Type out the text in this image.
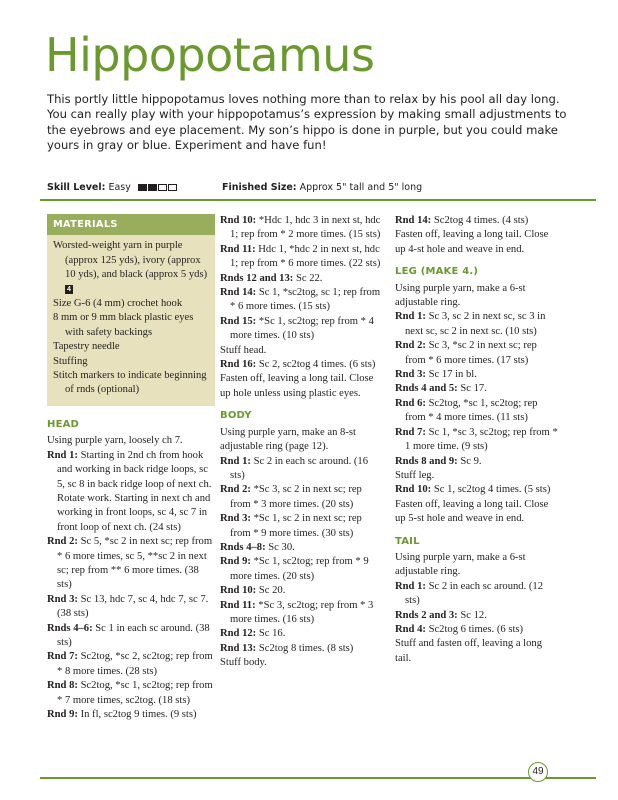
Hippopotamus
This portly little hippopotamus loves nothing more than to relax by his pool all day long. You can really play with your hippopotamus’s expression by making small adjustments to the eyebrows and eye placement. My son’s hippo is done in purple, but you could make yours in gray or blue. Experiment and have fun!
Skill Level: Easy	Finished Size: Approx 5" tall and 5" long
MATERIALS
Worsted-weight yarn in purple (approx 125 yds), ivory (approx 10 yds), and black (approx 5 yds) 4
Size G-6 (4 mm) crochet hook
8 mm or 9 mm black plastic eyes with safety backings
Tapestry needle
Stuffing
Stitch markers to indicate beginning of rnds (optional)
HEAD
Using purple yarn, loosely ch 7.
Rnd 1: Starting in 2nd ch from hook and working in back ridge loops, sc 5, sc 8 in back ridge loop of next ch. Rotate work. Starting in next ch and working in front loops, sc 4, sc 7 in front loop of next ch. (24 sts)
Rnd 2: Sc 5, *sc 2 in next sc; rep from * 6 more times, sc 5, **sc 2 in next sc; rep from ** 6 more times. (38 sts)
Rnd 3: Sc 13, hdc 7, sc 4, hdc 7, sc 7. (38 sts)
Rnds 4–6: Sc 1 in each sc around. (38 sts)
Rnd 7: Sc2tog, *sc 2, sc2tog; rep from * 8 more times. (28 sts)
Rnd 8: Sc2tog, *sc 1, sc2tog; rep from * 7 more times, sc2tog. (18 sts)
Rnd 9: In fl, sc2tog 9 times. (9 sts)
Rnd 10: *Hdc 1, hdc 3 in next st, hdc 1; rep from * 2 more times. (15 sts)
Rnd 11: Hdc 1, *hdc 2 in next st, hdc 1; rep from * 6 more times. (22 sts)
Rnds 12 and 13: Sc 22.
Rnd 14: Sc 1, *sc2tog, sc 1; rep from * 6 more times. (15 sts)
Rnd 15: *Sc 1, sc2tog; rep from * 4 more times. (10 sts)
Stuff head.
Rnd 16: Sc 2, sc2tog 4 times. (6 sts)
Fasten off, leaving a long tail. Close up hole unless using plastic eyes.
BODY
Using purple yarn, make an 8-st adjustable ring (page 12).
Rnd 1: Sc 2 in each sc around. (16 sts)
Rnd 2: *Sc 3, sc 2 in next sc; rep from * 3 more times. (20 sts)
Rnd 3: *Sc 1, sc 2 in next sc; rep from * 9 more times. (30 sts)
Rnds 4–8: Sc 30.
Rnd 9: *Sc 1, sc2tog; rep from * 9 more times. (20 sts)
Rnd 10: Sc 20.
Rnd 11: *Sc 3, sc2tog; rep from * 3 more times. (16 sts)
Rnd 12: Sc 16.
Rnd 13: Sc2tog 8 times. (8 sts)
Stuff body.
Rnd 14: Sc2tog 4 times. (4 sts)
Fasten off, leaving a long tail. Close up 4-st hole and weave in end.
LEG (MAKE 4.)
Using purple yarn, make a 6-st adjustable ring.
Rnd 1: Sc 3, sc 2 in next sc, sc 3 in next sc, sc 2 in next sc. (10 sts)
Rnd 2: Sc 3, *sc 2 in next sc; rep from * 6 more times. (17 sts)
Rnd 3: Sc 17 in bl.
Rnds 4 and 5: Sc 17.
Rnd 6: Sc2tog, *sc 1, sc2tog; rep from * 4 more times. (11 sts)
Rnd 7: Sc 1, *sc 3, sc2tog; rep from * 1 more time. (9 sts)
Rnds 8 and 9: Sc 9.
Stuff leg.
Rnd 10: Sc 1, sc2tog 4 times. (5 sts)
Fasten off, leaving a long tail. Close up 5-st hole and weave in end.
TAIL
Using purple yarn, make a 6-st adjustable ring.
Rnd 1: Sc 2 in each sc around. (12 sts)
Rnds 2 and 3: Sc 12.
Rnd 4: Sc2tog 6 times. (6 sts)
Stuff and fasten off, leaving a long tail.
49
